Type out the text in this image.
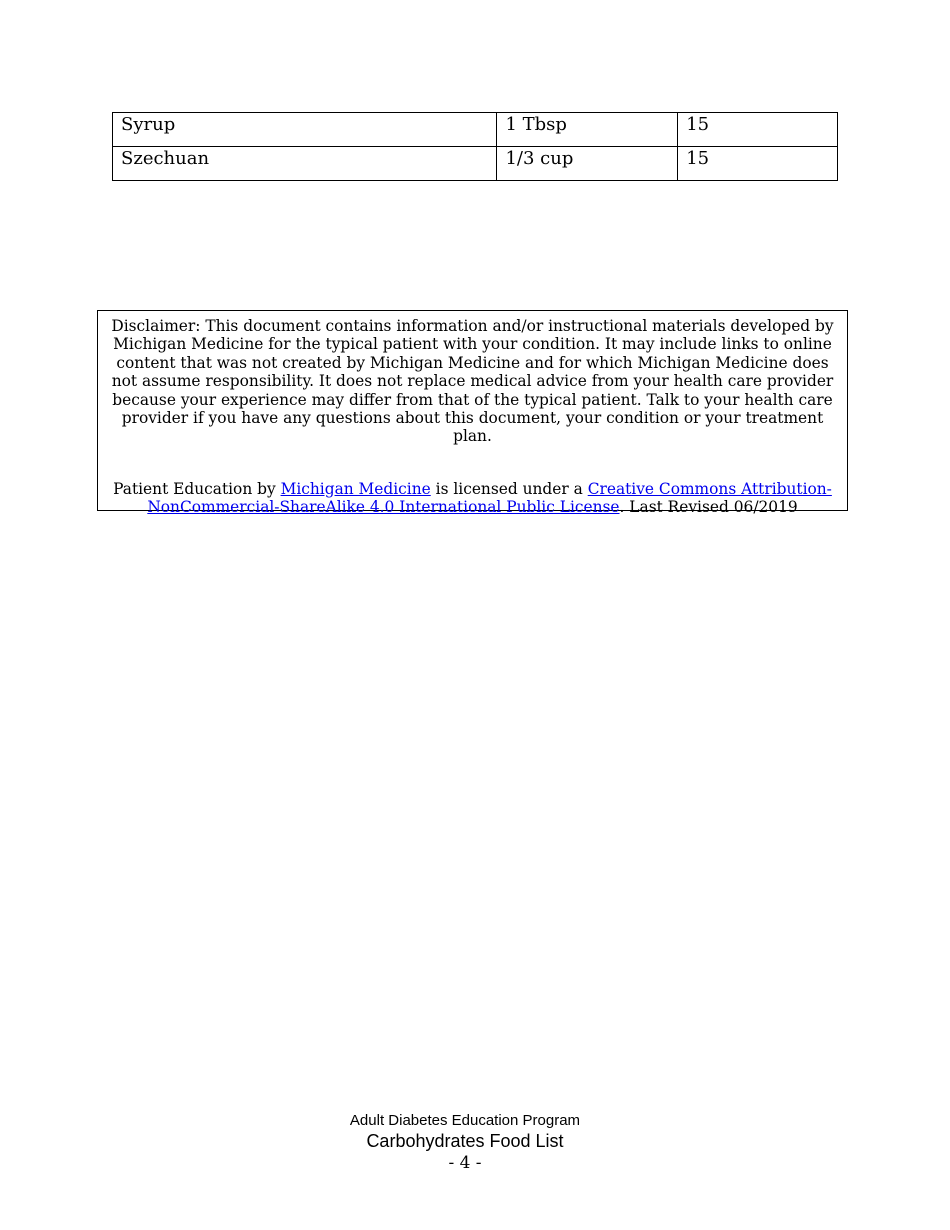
Syrup	1 Tbsp	15
Szechuan	1/3 cup	15
Disclaimer: This document contains information and/or instructional materials developed by Michigan Medicine for the typical patient with your condition. It may include links to online content that was not created by Michigan Medicine and for which Michigan Medicine does not assume responsibility. It does not replace medical advice from your health care provider because your experience may differ from that of the typical patient. Talk to your health care provider if you have any questions about this document, your condition or your treatment plan.
Patient Education by Michigan Medicine is licensed under a Creative Commons Attribution-NonCommercial-ShareAlike 4.0 International Public License. Last Revised 06/2019
Adult Diabetes Education Program
Carbohydrates Food List
- 4 -
